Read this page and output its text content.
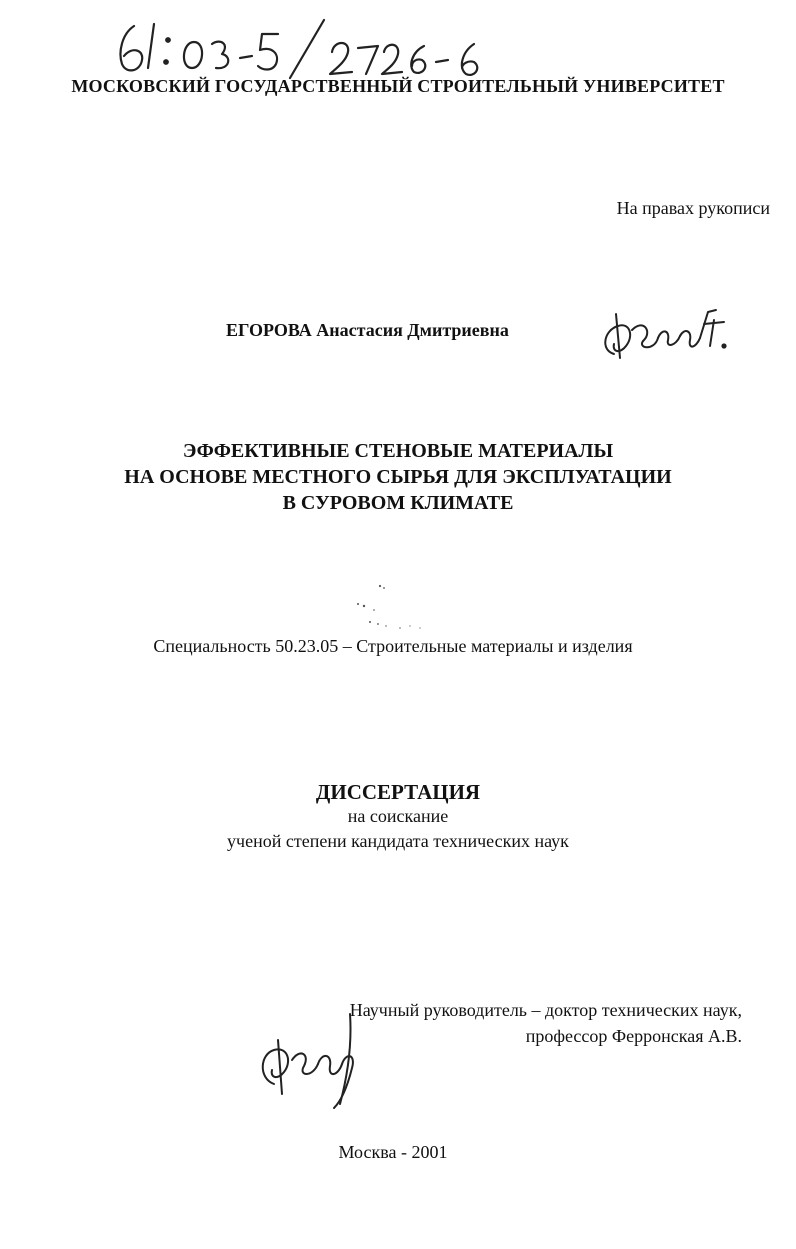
МОСКОВСКИЙ ГОСУДАРСТВЕННЫЙ СТРОИТЕЛЬНЫЙ УНИВЕРСИТЕТ
На правах рукописи
ЕГОРОВА Анастасия Дмитриевна
ЭФФЕКТИВНЫЕ СТЕНОВЫЕ МАТЕРИАЛЫ
НА ОСНОВЕ МЕСТНОГО СЫРЬЯ ДЛЯ ЭКСПЛУАТАЦИИ
В СУРОВОМ КЛИМАТЕ
Специальность 50.23.05 – Строительные материалы и изделия
ДИССЕРТАЦИЯ
на соискание
ученой степени кандидата технических наук
Научный руководитель – доктор технических наук,
профессор Ферронская А.В.
Москва - 2001
